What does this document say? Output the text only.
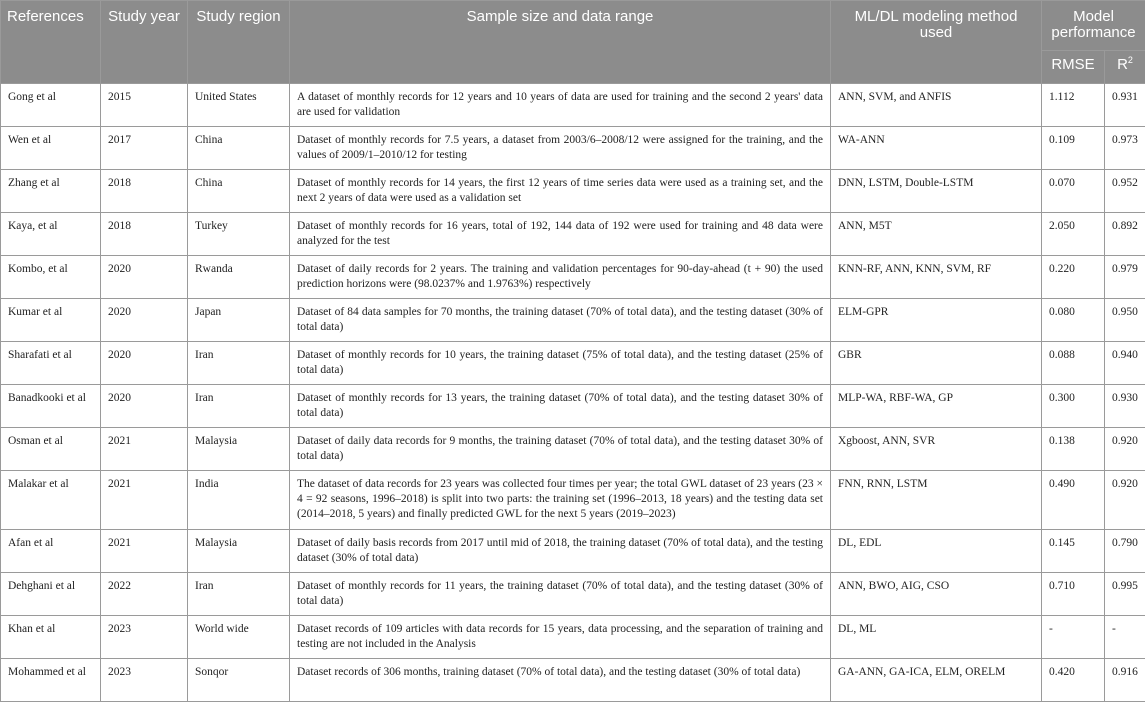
References	Study year	Study region	Sample size and data range	ML/DL modeling method used	Model performance	
					RMSE	$R^2$
Gong et al	2015	United States	A dataset of monthly records for 12 years and 10 years of data are used for training and the second 2 years' data are used for validation	ANN, SVM, and ANFIS	1.112	0.931
Wen et al	2017	China	Dataset of monthly records for 7.5 years, a dataset from 2003/6–2008/12 were assigned for the training, and the values of 2009/1–2010/12 for testing	WA-ANN	0.109	0.973
Zhang et al	2018	China	Dataset of monthly records for 14 years, the first 12 years of time series data were used as a training set, and the next 2 years of data were used as a validation set	DNN, LSTM, Double-LSTM	0.070	0.952
Kaya, et al	2018	Turkey	Dataset of monthly records for 16 years, total of 192, 144 data of 192 were used for training and 48 data were analyzed for the test	ANN, M5T	2.050	0.892
Kombo, et al	2020	Rwanda	Dataset of daily records for 2 years. The training and validation percentages for 90-day-ahead (t + 90) the used prediction horizons were (98.0237% and 1.9763%) respectively	KNN-RF, ANN, KNN, SVM, RF	0.220	0.979
Kumar et al	2020	Japan	Dataset of 84 data samples for 70 months, the training dataset (70% of total data), and the testing dataset (30% of total data)	ELM-GPR	0.080	0.950
Sharafati et al	2020	Iran	Dataset of monthly records for 10 years, the training dataset (75% of total data), and the testing dataset (25% of total data)	GBR	0.088	0.940
Banadkooki et al	2020	Iran	Dataset of monthly records for 13 years, the training dataset (70% of total data), and the testing dataset 30% of total data)	MLP-WA, RBF-WA, GP	0.300	0.930
Osman et al	2021	Malaysia	Dataset of daily data records for 9 months, the training dataset (70% of total data), and the testing dataset 30% of total data)	Xgboost, ANN, SVR	0.138	0.920
Malakar et al	2021	India	The dataset of data records for 23 years was collected four times per year; the total GWL dataset of 23 years (23 × 4 = 92 seasons, 1996–2018) is split into two parts: the training set (1996–2013, 18 years) and the testing data set (2014–2018, 5 years) and finally predicted GWL for the next 5 years (2019–2023)	FNN, RNN, LSTM	0.490	0.920
Afan et al	2021	Malaysia	Dataset of daily basis records from 2017 until mid of 2018, the training dataset (70% of total data), and the testing dataset (30% of total data)	DL, EDL	0.145	0.790
Dehghani et al	2022	Iran	Dataset of monthly records for 11 years, the training dataset (70% of total data), and the testing dataset (30% of total data)	ANN, BWO, AIG, CSO	0.710	0.995
Khan et al	2023	World wide	Dataset records of 109 articles with data records for 15 years, data processing, and the separation of training and testing are not included in the Analysis	DL, ML	-	-
Mohammed et al	2023	Sonqor	Dataset records of 306 months, training dataset (70% of total data), and the testing dataset (30% of total data)	GA-ANN, GA-ICA, ELM, ORELM	0.420	0.916
